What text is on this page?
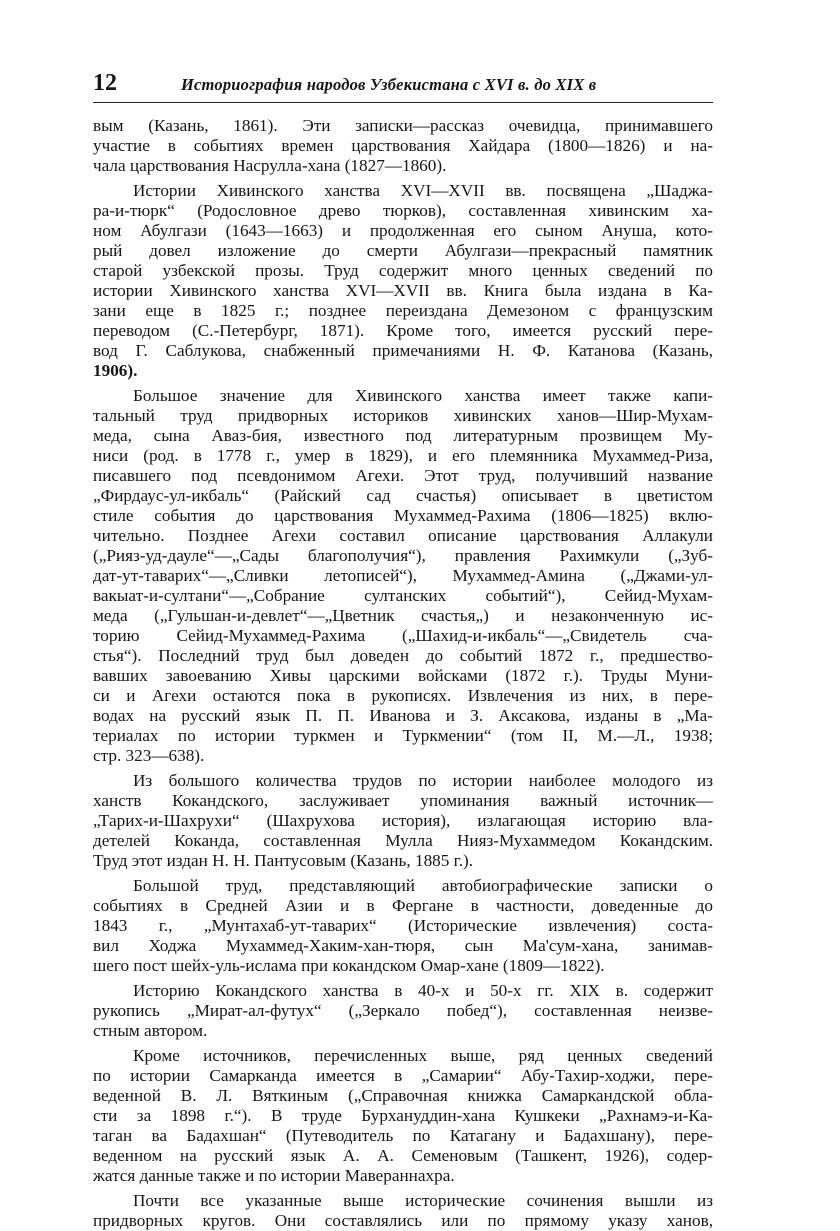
12	Историография народов Узбекистана с XVI в. до XIX в
вым (Казань, 1861). Эти записки—рассказ очевидца, принимавшего
участие в событиях времен царствования Хайдара (1800—1826) и на-
чала царствования Насрулла-хана (1827—1860).
Истории Хивинского ханства XVI—XVII вв. посвящена „Шаджа-
ра-и-тюрк“ (Родословное древо тюрков), составленная хивинским ха-
ном Абулгази (1643—1663) и продолженная его сыном Ануша, кото-
рый довел изложение до смерти Абулгази—прекрасный памятник
старой узбекской прозы. Труд содержит много ценных сведений по
истории Хивинского ханства XVI—XVII вв. Книга была издана в Ка-
зани еще в 1825 г.; позднее переиздана Демезоном с французским
переводом (С.-Петербург, 1871). Кроме того, имеется русский пере-
вод Г. Саблукова, снабженный примечаниями Н. Ф. Катанова (Казань,
1906).
Большое значение для Хивинского ханства имеет также капи-
тальный труд придворных историков хивинских ханов—Шир-Мухам-
меда, сына Аваз-бия, известного под литературным прозвищем Му-
ниси (род. в 1778 г., умер в 1829), и его племянника Мухаммед-Риза,
писавшего под псевдонимом Агехи. Этот труд, получивший название
„Фирдаус-ул-икбаль“ (Райский сад счастья) описывает в цветистом
стиле события до царствования Мухаммед-Рахима (1806—1825) вклю-
чительно. Позднее Агехи составил описание царствования Аллакули
(„Рияз-уд-дауле“—„Сады благополучия“), правления Рахимкули („Зуб-
дат-ут-таварих“—„Сливки летописей“), Мухаммед-Амина („Джами-ул-
вакыат-и-султани“—„Собрание султанских событий“), Сейид-Мухам-
меда („Гульшан-и-девлет“—„Цветник счастья„) и незаконченную ис-
торию Сейид-Мухаммед-Рахима („Шахид-и-икбаль“—„Свидетель сча-
стья“). Последний труд был доведен до событий 1872 г., предшество-
вавших завоеванию Хивы царскими войсками (1872 г.). Труды Муни-
си и Агехи остаются пока в рукописях. Извлечения из них, в пере-
водах на русский язык П. П. Иванова и З. Аксакова, изданы в „Ма-
териалах по истории туркмен и Туркмении“ (том II, М.—Л., 1938;
стр. 323—638).
Из большого количества трудов по истории наиболее молодого из
ханств Кокандского, заслуживает упоминания важный источник—
„Тарих-и-Шахрухи“ (Шахрухова история), излагающая историю вла-
детелей Коканда, составленная Мулла Нияз-Мухаммедом Кокандским.
Труд этот издан Н. Н. Пантусовым (Казань, 1885 г.).
Большой труд, представляющий автобиографические записки о
событиях в Средней Азии и в Фергане в частности, доведенные до
1843 г., „Мунтахаб-ут-таварих“ (Исторические извлечения) соста-
вил Ходжа Мухаммед-Хаким-хан-тюря, сын Ма'сум-хана, занимав-
шего пост шейх-уль-ислама при кокандском Омар-хане (1809—1822).
Историю Кокандского ханства в 40-х и 50-х гг. XIX в. содержит
рукопись „Мират-ал-футух“ („Зеркало побед“), составленная неизве-
стным автором.
Кроме источников, перечисленных выше, ряд ценных сведений
по истории Самарканда имеется в „Самарии“ Абу-Тахир-ходжи, пере-
веденной В. Л. Вяткиным („Справочная книжка Самаркандской обла-
сти за 1898 г.“). В труде Бурхануддин-хана Кушкеки „Рахнамэ-и-Ка-
таган ва Бадахшан“ (Путеводитель по Катагану и Бадахшану), пере-
веденном на русский язык А. А. Семеновым (Ташкент, 1926), содер-
жатся данные также и по истории Мавераннахра.
Почти все указанные выше исторические сочинения вышли из
придворных кругов. Они составлялись или по прямому указу ханов,
